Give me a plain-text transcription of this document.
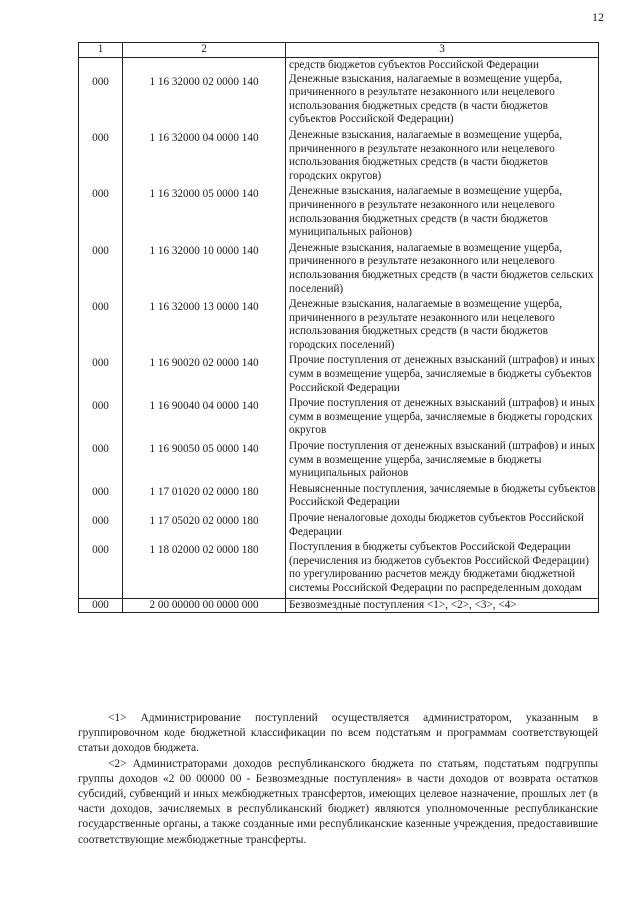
12
1	2	3
		средств бюджетов субъектов Российской Федерации
000	1 16 32000 02 0000 140	Денежные взыскания, налагаемые в возмещение ущерба, причиненного в результате незаконного или нецелевого использования бюджетных средств (в части бюджетов субъектов Российской Федерации)
000	1 16 32000 04 0000 140	Денежные взыскания, налагаемые в возмещение ущерба, причиненного в результате незаконного или нецелевого использования бюджетных средств (в части бюджетов городских округов)
000	1 16 32000 05 0000 140	Денежные взыскания, налагаемые в возмещение ущерба, причиненного в результате незаконного или нецелевого использования бюджетных средств (в части бюджетов муниципальных районов)
000	1 16 32000 10 0000 140	Денежные взыскания, налагаемые в возмещение ущерба, причиненного в результате незаконного или нецелевого использования бюджетных средств (в части бюджетов сельских поселений)
000	1 16 32000 13 0000 140	Денежные взыскания, налагаемые в возмещение ущерба, причиненного в результате незаконного или нецелевого использования бюджетных средств (в части бюджетов городских поселений)
000	1 16 90020 02 0000 140	Прочие поступления от денежных взысканий (штрафов) и иных сумм в возмещение ущерба, зачисляемые в бюджеты субъектов Российской Федерации
000	1 16 90040 04 0000 140	Прочие поступления от денежных взысканий (штрафов) и иных сумм в возмещение ущерба, зачисляемые в бюджеты городских округов
000	1 16 90050 05 0000 140	Прочие поступления от денежных взысканий (штрафов) и иных сумм в возмещение ущерба, зачисляемые в бюджеты муниципальных районов
000	1 17 01020 02 0000 180	Невыясненные поступления, зачисляемые в бюджеты субъектов Российской Федерации
000	1 17 05020 02 0000 180	Прочие неналоговые доходы бюджетов субъектов Российской Федерации
000	1 18 02000 02 0000 180	Поступления в бюджеты субъектов Российской Федерации (перечисления из бюджетов субъектов Российской Федерации) по урегулированию расчетов между бюджетами бюджетной системы Российской Федерации по распределенным доходам
000	2 00 00000 00 0000 000	Безвозмездные поступления <1>, <2>, <3>, <4>

<1> Администрирование поступлений осуществляется администратором, указанным в группировочном коде бюджетной классификации по всем подстатьям и программам соответствующей статьи доходов бюджета.

<2> Администраторами доходов республиканского бюджета по статьям, подстатьям подгруппы группы доходов «2 00 00000 00 - Безвозмездные поступления» в части доходов от возврата остатков субсидий, субвенций и иных межбюджетных трансфертов, имеющих целевое назначение, прошлых лет (в части доходов, зачисляемых в республиканский бюджет) являются уполномоченные республиканские государственные органы, а также созданные ими республиканские казенные учреждения, предоставившие соответствующие межбюджетные трансферты.
